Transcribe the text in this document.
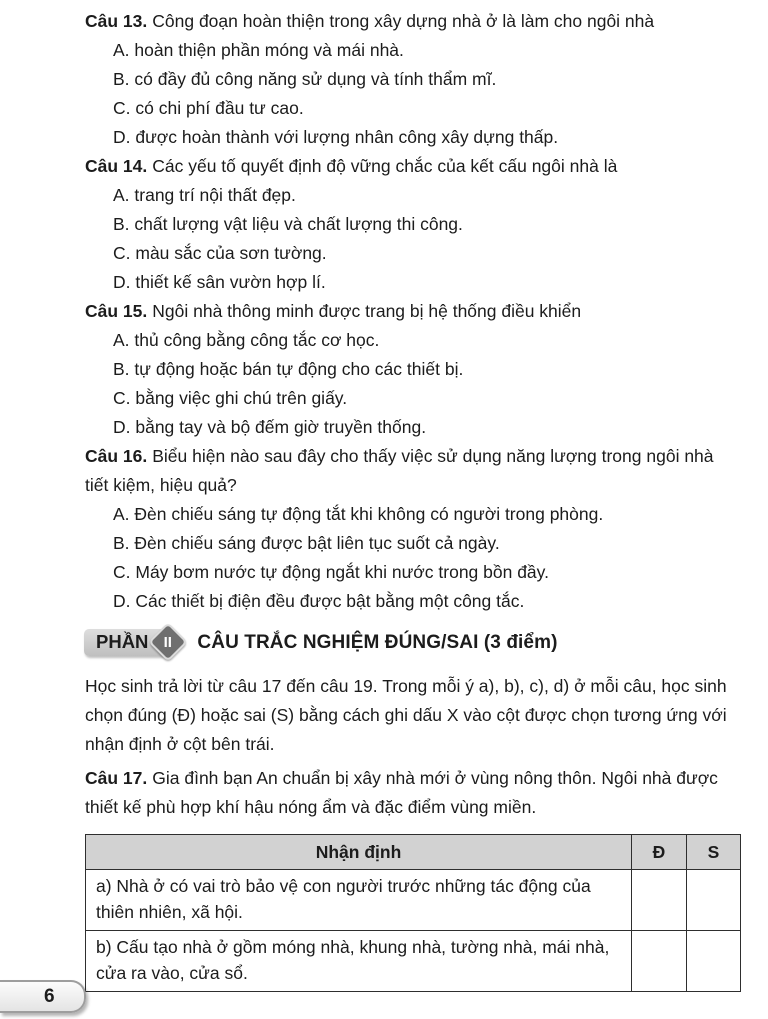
Câu 13. Công đoạn hoàn thiện trong xây dựng nhà ở là làm cho ngôi nhà

A. hoàn thiện phần móng và mái nhà.

B. có đầy đủ công năng sử dụng và tính thẩm mĩ.

C. có chi phí đầu tư cao.

D. được hoàn thành với lượng nhân công xây dựng thấp.

Câu 14. Các yếu tố quyết định độ vững chắc của kết cấu ngôi nhà là

A. trang trí nội thất đẹp.

B. chất lượng vật liệu và chất lượng thi công.

C. màu sắc của sơn tường.

D. thiết kế sân vườn hợp lí.

Câu 15. Ngôi nhà thông minh được trang bị hệ thống điều khiển

A. thủ công bằng công tắc cơ học.

B. tự động hoặc bán tự động cho các thiết bị.

C. bằng việc ghi chú trên giấy.

D. bằng tay và bộ đếm giờ truyền thống.

Câu 16. Biểu hiện nào sau đây cho thấy việc sử dụng năng lượng trong ngôi nhà tiết kiệm, hiệu quả?

A. Đèn chiếu sáng tự động tắt khi không có người trong phòng.

B. Đèn chiếu sáng được bật liên tục suốt cả ngày.

C. Máy bơm nước tự động ngắt khi nước trong bồn đầy.

D. Các thiết bị điện đều được bật bằng một công tắc.

PHẦN	II CÂU TRẮC NGHIỆM ĐÚNG/SAI (3 điểm)

Học sinh trả lời từ câu 17 đến câu 19. Trong mỗi ý a), b), c), d) ở mỗi câu, học sinh chọn đúng (Đ) hoặc sai (S) bằng cách ghi dấu X vào cột được chọn tương ứng với nhận định ở cột bên trái.

Câu 17. Gia đình bạn An chuẩn bị xây nhà mới ở vùng nông thôn. Ngôi nhà được thiết kế phù hợp khí hậu nóng ẩm và đặc điểm vùng miền.

Nhận định	Đ	S
a) Nhà ở có vai trò bảo vệ con người trước những tác động của thiên nhiên, xã hội.		
b) Cấu tạo nhà ở gồm móng nhà, khung nhà, tường nhà, mái nhà, cửa ra vào, cửa sổ.		
6
